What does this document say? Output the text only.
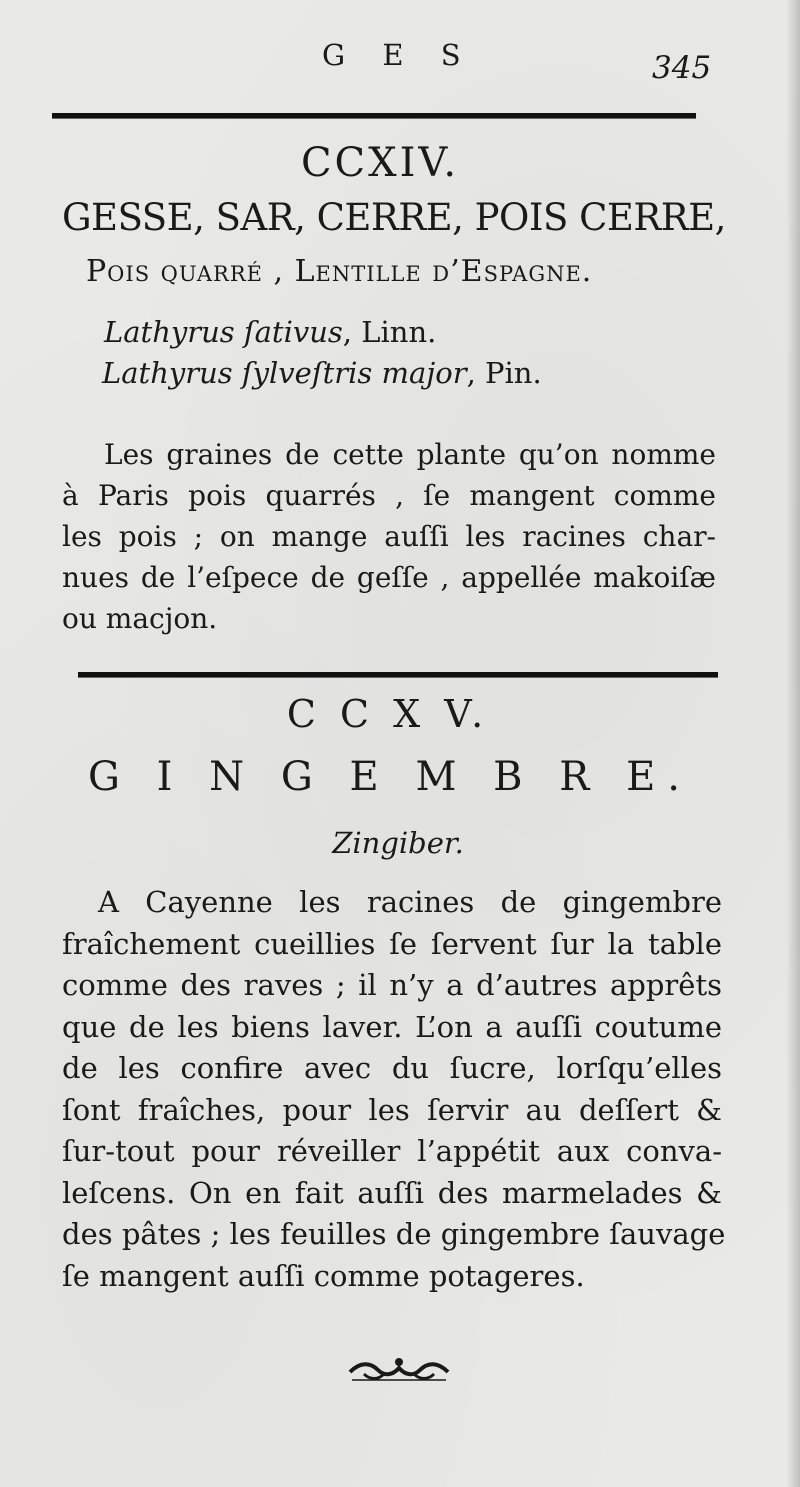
G E S	345
CCXIV.
GESSE, SAR, CERRE, POIS CERRE,
Pois quarré , Lentille d’Espagne.
Lathyrus ſativus, Linn.
Lathyrus ſylveſtris major, Pin.
Les graines de cette plante qu’on nomme
à Paris pois quarrés , ſe mangent comme
les pois ; on mange auſſi les racines char-
nues de l’eſpece de geſſe , appellée makoiſæ
ou macjon.
C C X V.
G I N G E M B R E.
Zingiber.
A Cayenne les racines de gingembre
fraîchement cueillies ſe ſervent ſur la table
comme des raves ; il n’y a d’autres apprêts
que de les biens laver. L’on a auſſi coutume
de les confire avec du ſucre, lorſqu’elles
ſont fraîches, pour les ſervir au deſſert &
ſur-tout pour réveiller l’appétit aux conva-
leſcens. On en fait auſſi des marmelades &
des pâtes ; les feuilles de gingembre ſauvage
ſe mangent auſſi comme potageres.
